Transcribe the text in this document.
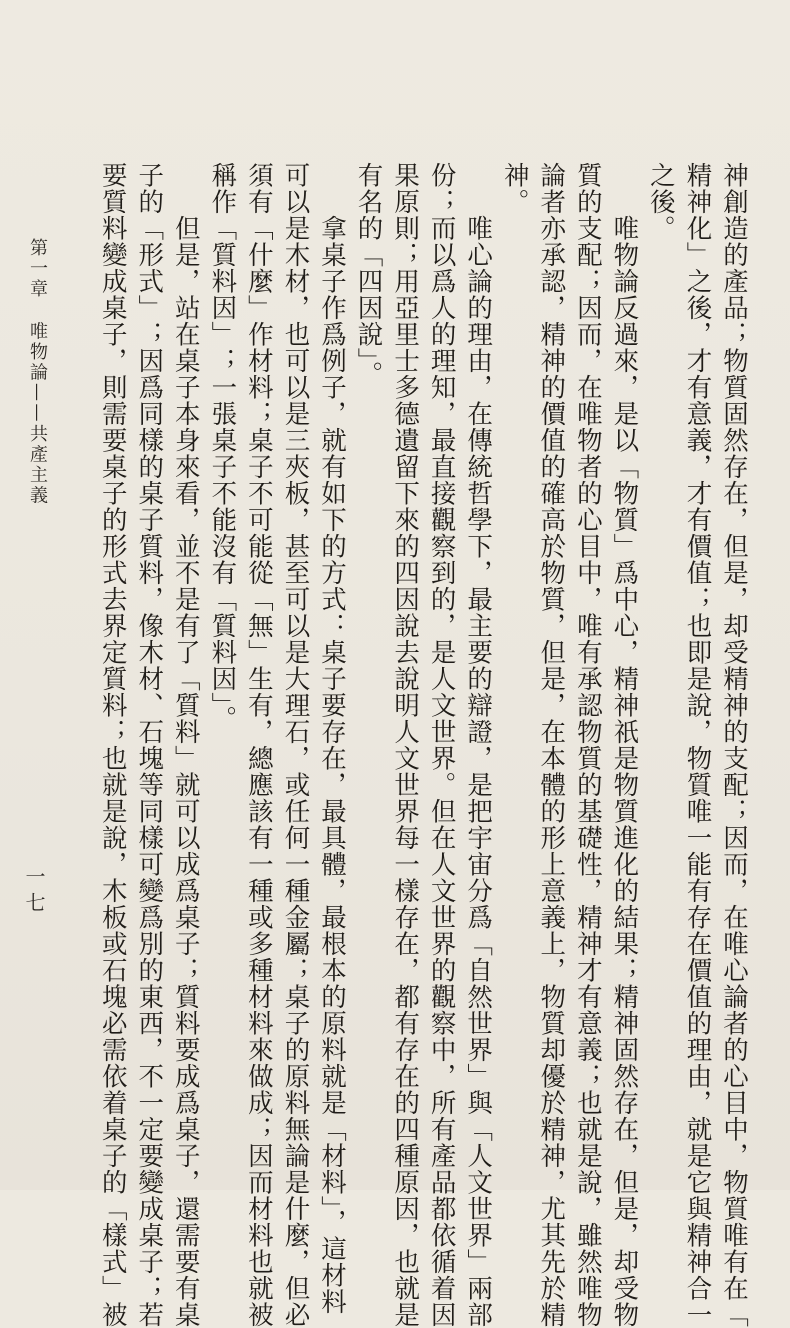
神創造的產品；物質固然存在，但是，却受精神的支配；因而，在唯心論者的心目中，物質唯有在「
精神化」之後，才有意義，才有價值；也即是說，物質唯一能有存在價值的理由，就是它與精神合一
之後。
　　唯物論反過來，是以「物質」爲中心，精神祇是物質進化的結果；精神固然存在，但是，却受物
質的支配；因而，在唯物者的心目中，唯有承認物質的基礎性，精神才有意義；也就是說，雖然唯物
論者亦承認，精神的價值的確高於物質，但是，在本體的形上意義上，物質却優於精神，尤其先於精
神。
　　唯心論的理由，在傳統哲學下，最主要的辯證，是把宇宙分爲「自然世界」與「人文世界」兩部
份；而以爲人的理知，最直接觀察到的，是人文世界。但在人文世界的觀察中，所有產品都依循着因
果原則；用亞里士多德遺留下來的四因說去說明人文世界每一樣存在，都有存在的四種原因，也就是
有名的「四因說」。
　　拿桌子作爲例子，就有如下的方式：桌子要存在，最具體，最根本的原料就是「材料」，這材料
可以是木材，也可以是三夾板，甚至可以是大理石，或任何一種金屬；桌子的原料無論是什麼，但必
須有「什麼」作材料；桌子不可能從「無」生有，總應該有一種或多種材料來做成；因而材料也就被
稱作「質料因」；一張桌子不能沒有「質料因」。
　　但是，站在桌子本身來看，並不是有了「質料」就可以成爲桌子；質料要成爲桌子，還需要有桌
子的「形式」；因爲同樣的桌子質料，像木材、石塊等同樣可變爲別的東西，不一定要變成桌子；若
要質料變成桌子，則需要桌子的形式去界定質料；也就是說，木板或石塊必需依着桌子的「樣式」被
第一章唯物論——共產主義
一七
